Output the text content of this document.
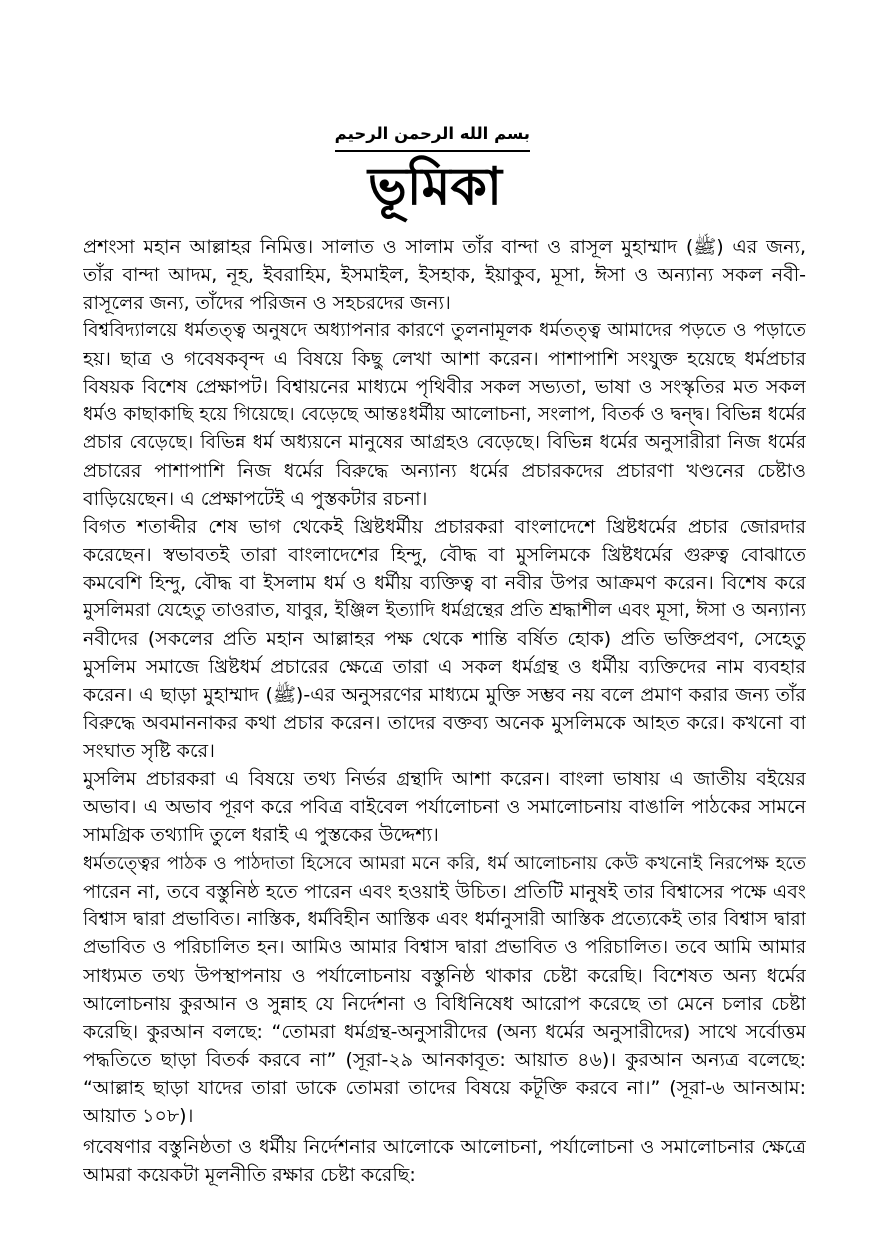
بسم الله الرحمن الرحيم
ভূমিকা
প্রশংসা মহান আল্লাহর নিমিত্ত। সালাত ও সালাম তাঁর বান্দা ও রাসূল মুহাম্মাদ (ﷺ) এর জন্য,
তাঁর বান্দা আদম, নূহ, ইবরাহিম, ইসমাইল, ইসহাক, ইয়াকুব, মূসা, ঈসা ও অন্যান্য সকল নবী-
রাসূলের জন্য, তাঁদের পরিজন ও সহচরদের জন্য।
বিশ্ববিদ্যালয়ে ধর্মতত্ত্ব অনুষদে অধ্যাপনার কারণে তুলনামূলক ধর্মতত্ত্ব আমাদের পড়তে ও পড়াতে
হয়। ছাত্র ও গবেষকবৃন্দ এ বিষয়ে কিছু লেখা আশা করেন। পাশাপাশি সংযুক্ত হয়েছে ধর্মপ্রচার
বিষয়ক বিশেষ প্রেক্ষাপট। বিশ্বায়নের মাধ্যমে পৃথিবীর সকল সভ্যতা, ভাষা ও সংস্কৃতির মত সকল
ধর্মও কাছাকাছি হয়ে গিয়েছে। বেড়েছে আন্তঃধর্মীয় আলোচনা, সংলাপ, বিতর্ক ও দ্বন্দ্ব। বিভিন্ন ধর্মের
প্রচার বেড়েছে। বিভিন্ন ধর্ম অধ্যয়নে মানুষের আগ্রহও বেড়েছে। বিভিন্ন ধর্মের অনুসারীরা নিজ ধর্মের
প্রচারের পাশাপাশি নিজ ধর্মের বিরুদ্ধে অন্যান্য ধর্মের প্রচারকদের প্রচারণা খণ্ডনের চেষ্টাও
বাড়িয়েছেন। এ প্রেক্ষাপটেই এ পুস্তকটার রচনা।
বিগত শতাব্দীর শেষ ভাগ থেকেই খ্রিষ্টধর্মীয় প্রচারকরা বাংলাদেশে খ্রিষ্টধর্মের প্রচার জোরদার
করেছেন। স্বভাবতই তারা বাংলাদেশের হিন্দু, বৌদ্ধ বা মুসলিমকে খ্রিষ্টধর্মের গুরুত্ব বোঝাতে
কমবেশি হিন্দু, বৌদ্ধ বা ইসলাম ধর্ম ও ধর্মীয় ব্যক্তিত্ব বা নবীর উপর আক্রমণ করেন। বিশেষ করে
মুসলিমরা যেহেতু তাওরাত, যাবুর, ইঞ্জিল ইত্যাদি ধর্মগ্রন্থের প্রতি শ্রদ্ধাশীল এবং মূসা, ঈসা ও অন্যান্য
নবীদের (সকলের প্রতি মহান আল্লাহর পক্ষ থেকে শান্তি বর্ষিত হোক) প্রতি ভক্তিপ্রবণ, সেহেতু
মুসলিম সমাজে খ্রিষ্টধর্ম প্রচারের ক্ষেত্রে তারা এ সকল ধর্মগ্রন্থ ও ধর্মীয় ব্যক্তিদের নাম ব্যবহার
করেন। এ ছাড়া মুহাম্মাদ (ﷺ)-এর অনুসরণের মাধ্যমে মুক্তি সম্ভব নয় বলে প্রমাণ করার জন্য তাঁর
বিরুদ্ধে অবমাননাকর কথা প্রচার করেন। তাদের বক্তব্য অনেক মুসলিমকে আহত করে। কখনো বা
সংঘাত সৃষ্টি করে।
মুসলিম প্রচারকরা এ বিষয়ে তথ্য নির্ভর গ্রন্থাদি আশা করেন। বাংলা ভাষায় এ জাতীয় বইয়ের
অভাব। এ অভাব পূরণ করে পবিত্র বাইবেল পর্যালোচনা ও সমালোচনায় বাঙালি পাঠকের সামনে
সামগ্রিক তথ্যাদি তুলে ধরাই এ পুস্তকের উদ্দেশ্য।
ধর্মতত্ত্বের পাঠক ও পাঠদাতা হিসেবে আমরা মনে করি, ধর্ম আলোচনায় কেউ কখনোই নিরপেক্ষ হতে
পারেন না, তবে বস্তুনিষ্ঠ হতে পারেন এবং হওয়াই উচিত। প্রতিটি মানুষই তার বিশ্বাসের পক্ষে এবং
বিশ্বাস দ্বারা প্রভাবিত। নাস্তিক, ধর্মবিহীন আস্তিক এবং ধর্মানুসারী আস্তিক প্রত্যেকেই তার বিশ্বাস দ্বারা
প্রভাবিত ও পরিচালিত হন। আমিও আমার বিশ্বাস দ্বারা প্রভাবিত ও পরিচালিত। তবে আমি আমার
সাধ্যমত তথ্য উপস্থাপনায় ও পর্যালোচনায় বস্তুনিষ্ঠ থাকার চেষ্টা করেছি। বিশেষত অন্য ধর্মের
আলোচনায় কুরআন ও সুন্নাহ যে নির্দেশনা ও বিধিনিষেধ আরোপ করেছে তা মেনে চলার চেষ্টা
করেছি। কুরআন বলছে: “তোমরা ধর্মগ্রন্থ-অনুসারীদের (অন্য ধর্মের অনুসারীদের) সাথে সর্বোত্তম
পদ্ধতিতে ছাড়া বিতর্ক করবে না” (সূরা-২৯ আনকাবূত: আয়াত ৪৬)। কুরআন অন্যত্র বলেছে:
“আল্লাহ ছাড়া যাদের তারা ডাকে তোমরা তাদের বিষয়ে কটূক্তি করবে না।” (সূরা-৬ আনআম:
আয়াত ১০৮)।
গবেষণার বস্তুনিষ্ঠতা ও ধর্মীয় নির্দেশনার আলোকে আলোচনা, পর্যালোচনা ও সমালোচনার ক্ষেত্রে
আমরা কয়েকটা মূলনীতি রক্ষার চেষ্টা করেছি:
